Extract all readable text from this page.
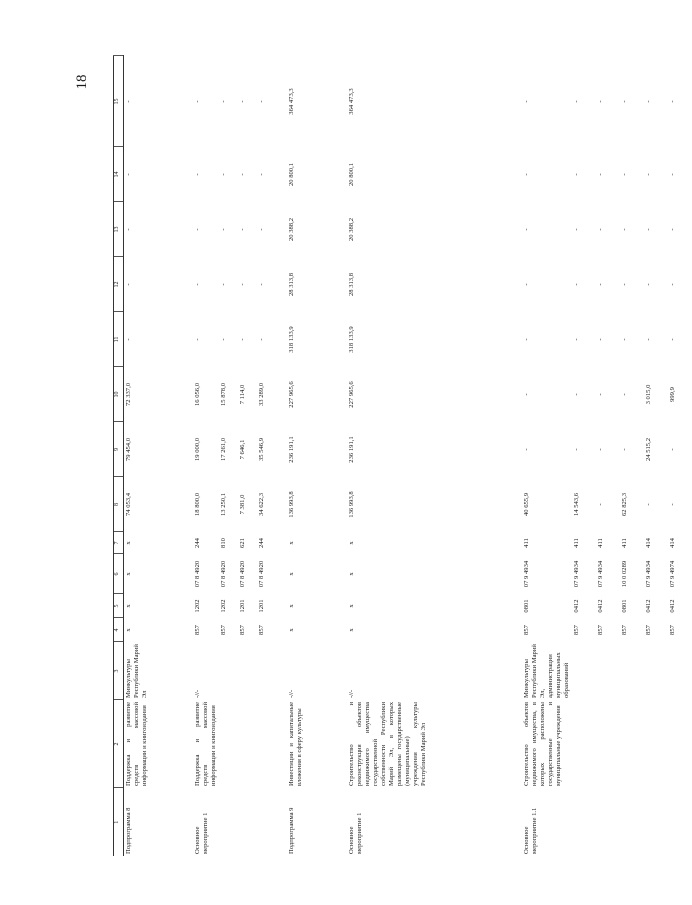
18
1	2	3	4	5	6	7	8	9	10	11	12	13	14	15
Подпрограмма 8	Поддержка и развитие средств массовой информации и книгоиздания	Минкультуры Республики Марий Эл	х	х	х	х	74 053,4	79 454,0	72 337,0	-	-	-	-	-

Основное мероприятие 1	Поддержка и развитие средств массовой информации и книгоиздания	-//-	857	1202	07 8 4920	244	18 800,0	19 000,0	16 056,0	-	-	-	-	-
			857	1202	07 8 4920	810	13 250,1	17 261,0	15 878,0	-	-	-	-	-
			857	1201	07 8 4920	621	7 381,0	7 646,1	7 114,0	-	-	-	-	-
			857	1201	07 8 4920	244	34 622,3	35 546,9	33 289,0	-	-	-	-	-

Подпрограмма 9	Инвестиции и капитальные вложения в сферу культуры	-//-	х	х	х	х	136 993,8	236 191,1	227 965,6	318 133,9	28 313,8	20 388,2	20 800,1	364 473,3

Основное мероприятие 1	Строительство и реконструкция объектов недвижимого имущества государственной собственности Республики Марий Эл, в которых размещены государственные (муниципальные) учреждения культуры Республики Марий Эл	-//-	х	х	х	х	136 993,8	236 191,1	227 965,6	318 133,9	28 313,8	20 388,2	20 800,1	364 473,3

Основное мероприятие 1.1	Строительство объектов недвижимого имущества, в которых расположены государственные и муниципальные учреждения	Минкультуры Республики Марий Эл, администрации муниципальных образований	857	0801	07 9 4934	411	40 655,9	-	-	-	-	-	-	-
			857	0412	07 9 4934	411	14 543,6	-	-	-	-	-	-	-
			857	0412	07 9 4934	411	-	-	-	-	-	-	-	-
			857	0801	10 0 0289	411	62 825,3	-	-	-	-	-	-	-
			857	0412	07 9 4934	414	-	24 515,2	3 015,0	-	-	-	-	-
			857	0412	07 9 4974	414	-	-	999,9	-	-	-	-	-
